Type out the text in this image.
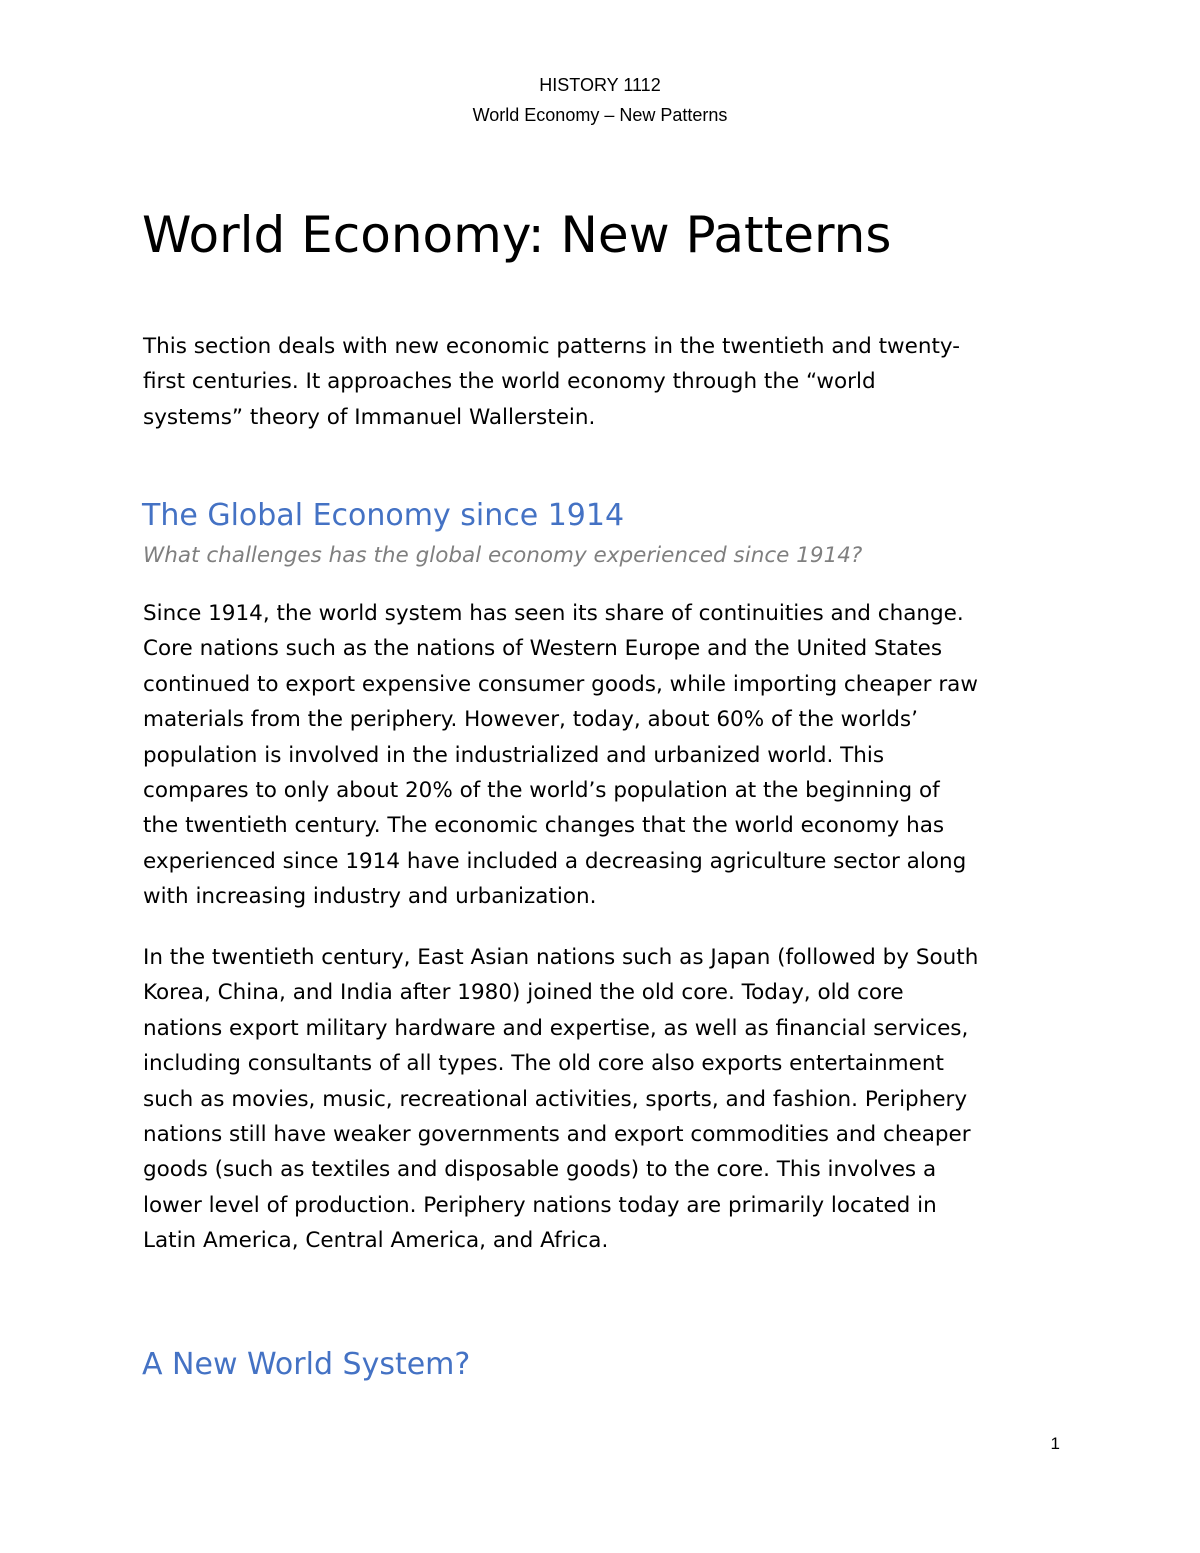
HISTORY 1112
World Economy – New Patterns
World Economy: New Patterns
This section deals with new economic patterns in the twentieth and twenty-
first centuries. It approaches the world economy through the “world
systems” theory of Immanuel Wallerstein.
The Global Economy since 1914
What challenges has the global economy experienced since 1914?
Since 1914, the world system has seen its share of continuities and change.
Core nations such as the nations of Western Europe and the United States
continued to export expensive consumer goods, while importing cheaper raw
materials from the periphery. However, today, about 60% of the worlds’
population is involved in the industrialized and urbanized world. This
compares to only about 20% of the world’s population at the beginning of
the twentieth century. The economic changes that the world economy has
experienced since 1914 have included a decreasing agriculture sector along
with increasing industry and urbanization.
In the twentieth century, East Asian nations such as Japan (followed by South
Korea, China, and India after 1980) joined the old core. Today, old core
nations export military hardware and expertise, as well as financial services,
including consultants of all types. The old core also exports entertainment
such as movies, music, recreational activities, sports, and fashion. Periphery
nations still have weaker governments and export commodities and cheaper
goods (such as textiles and disposable goods) to the core. This involves a
lower level of production. Periphery nations today are primarily located in
Latin America, Central America, and Africa.
A New World System?
1
